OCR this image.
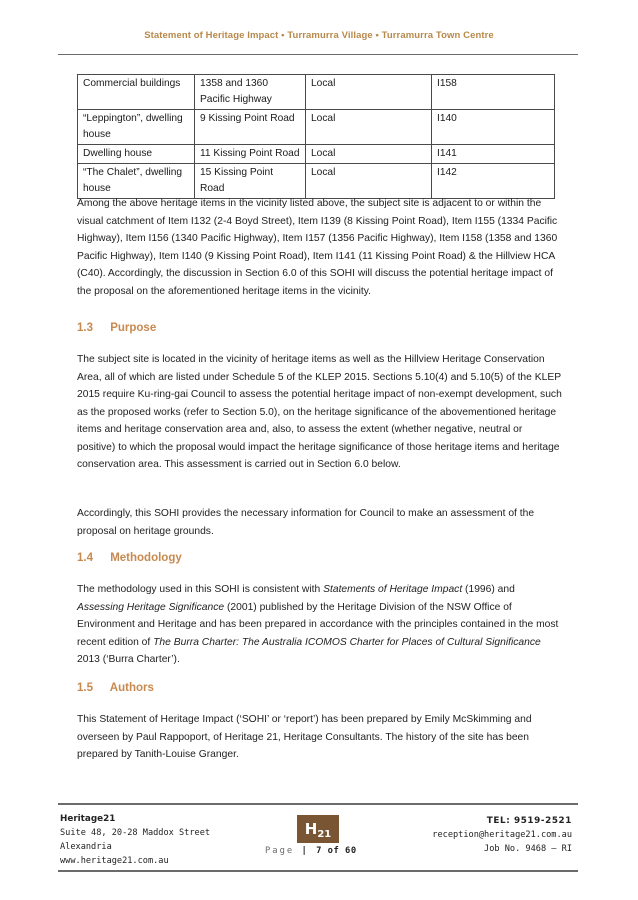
Statement of Heritage Impact • Turramurra Village • Turramurra Town Centre
Commercial buildings	1358 and 1360 Pacific Highway	Local	I158
“Leppington”, dwelling house	9 Kissing Point Road	Local	I140
Dwelling house	11 Kissing Point Road	Local	I141
“The Chalet”, dwelling house	15 Kissing Point Road	Local	I142

Among the above heritage items in the vicinity listed above, the subject site is adjacent to or within the visual catchment of Item I132 (2-4 Boyd Street), Item I139 (8 Kissing Point Road), Item I155 (1334 Pacific Highway), Item I156 (1340 Pacific Highway), Item I157 (1356 Pacific Highway), Item I158 (1358 and 1360 Pacific Highway), Item I140 (9 Kissing Point Road), Item I141 (11 Kissing Point Road) & the Hillview HCA (C40). Accordingly, the discussion in Section 6.0 of this SOHI will discuss the potential heritage impact of the proposal on the aforementioned heritage items in the vicinity.

1.3 Purpose

The subject site is located in the vicinity of heritage items as well as the Hillview Heritage Conservation Area, all of which are listed under Schedule 5 of the KLEP 2015. Sections 5.10(4) and 5.10(5) of the KLEP 2015 require Ku-ring-gai Council to assess the potential heritage impact of non-exempt development, such as the proposed works (refer to Section 5.0), on the heritage significance of the abovementioned heritage items and heritage conservation area and, also, to assess the extent (whether negative, neutral or positive) to which the proposal would impact the heritage significance of those heritage items and heritage conservation area. This assessment is carried out in Section 6.0 below.

Accordingly, this SOHI provides the necessary information for Council to make an assessment of the proposal on heritage grounds.

1.4 Methodology

The methodology used in this SOHI is consistent with Statements of Heritage Impact (1996) and Assessing Heritage Significance (2001) published by the Heritage Division of the NSW Office of Environment and Heritage and has been prepared in accordance with the principles contained in the most recent edition of The Burra Charter: The Australia ICOMOS Charter for Places of Cultural Significance 2013 (‘Burra Charter’).

1.5 Authors

This Statement of Heritage Impact (‘SOHI’ or ‘report’) has been prepared by Emily McSkimming and overseen by Paul Rappoport, of Heritage 21, Heritage Consultants. The history of the site has been prepared by Tanith-Louise Granger.

Heritage21
Suite 48, 20-28 Maddox Street
Alexandria
www.heritage21.com.au
$H_{21}$
Page | 7 of 60
TEL: 9519-2521
reception@heritage21.com.au
Job No. 9468 – RI
